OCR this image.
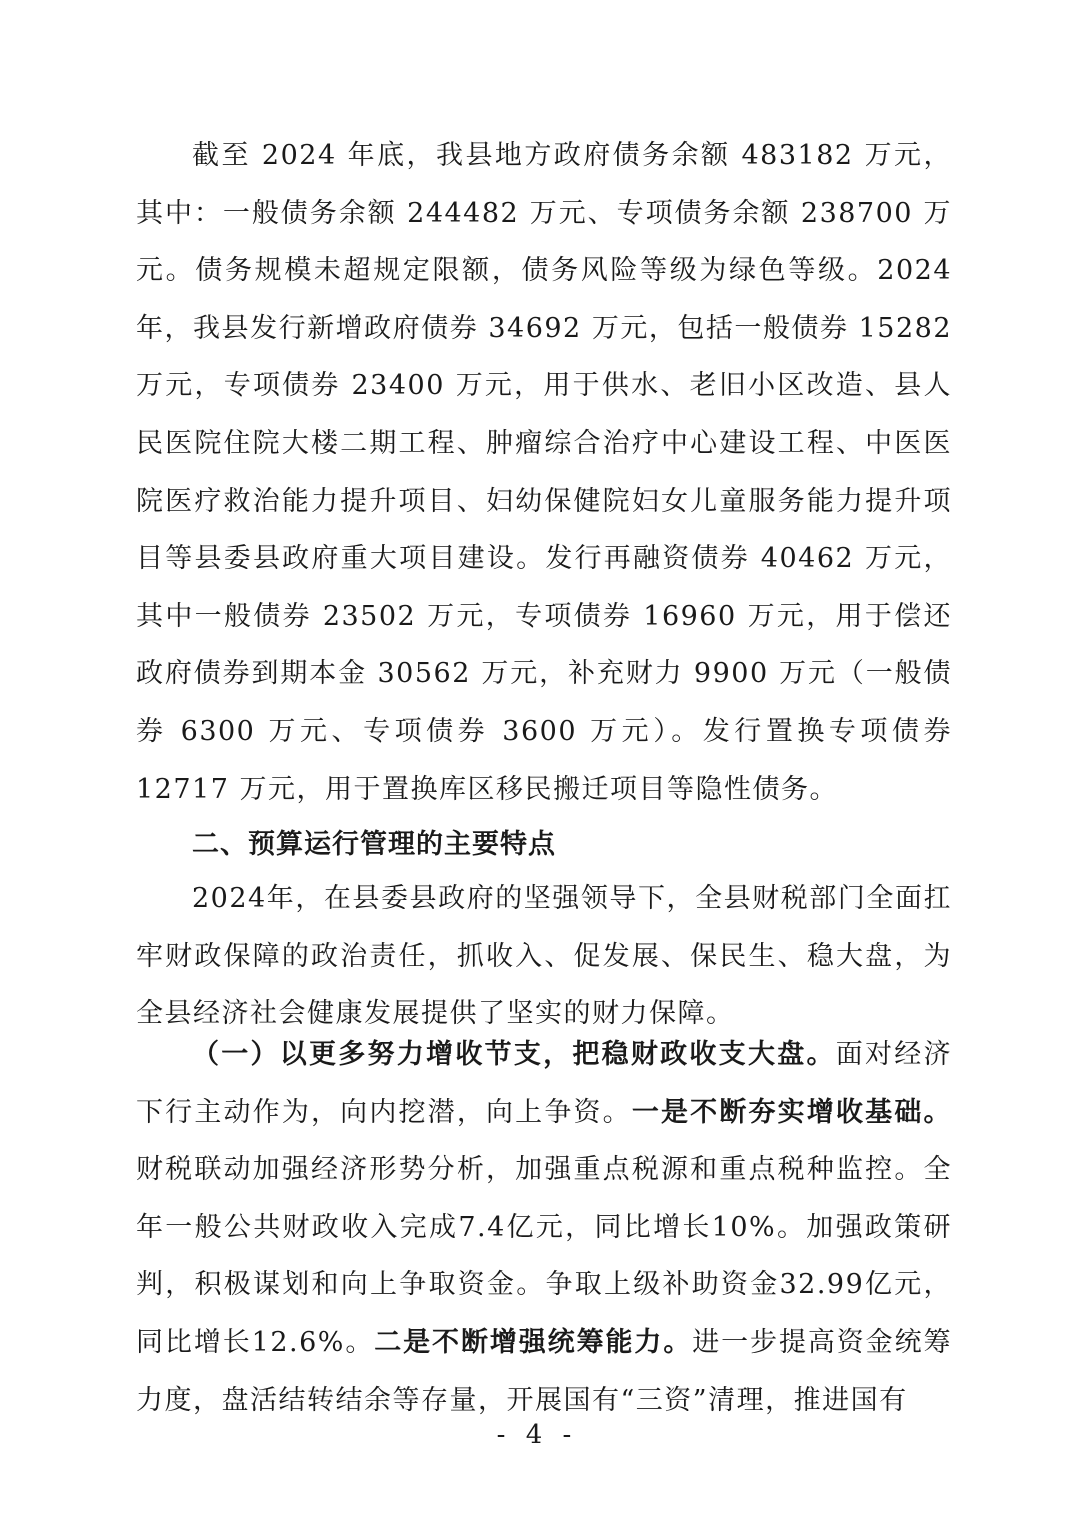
截至 2024 年底，我县地方政府债务余额 483182 万元，其中：一般债务余额 244482 万元、专项债务余额 238700 万元。债务规模未超规定限额，债务风险等级为绿色等级。2024 年，我县发行新增政府债券 34692 万元，包括一般债券 15282 万元，专项债券 23400 万元，用于供水、老旧小区改造、县人民医院住院大楼二期工程、肿瘤综合治疗中心建设工程、中医医院医疗救治能力提升项目、妇幼保健院妇女儿童服务能力提升项目等县委县政府重大项目建设。发行再融资债券 40462 万元，其中一般债券 23502 万元，专项债券 16960 万元，用于偿还政府债券到期本金 30562 万元，补充财力 9900 万元（一般债券 6300 万元、专项债券 3600 万元）。发行置换专项债券 12717 万元，用于置换库区移民搬迁项目等隐性债务。

二、预算运行管理的主要特点

2024年，在县委县政府的坚强领导下，全县财税部门全面扛牢财政保障的政治责任，抓收入、促发展、保民生、稳大盘，为全县经济社会健康发展提供了坚实的财力保障。

（一）以更多努力增收节支，把稳财政收支大盘。面对经济下行主动作为，向内挖潜，向上争资。一是不断夯实增收基础。财税联动加强经济形势分析，加强重点税源和重点税种监控。全年一般公共财政收入完成7.4亿元，同比增长10%。加强政策研判，积极谋划和向上争取资金。争取上级补助资金32.99亿元，同比增长12.6%。二是不断增强统筹能力。进一步提高资金统筹力度，盘活结转结余等存量，开展国有“三资”清理，推进国有

- 4 -
